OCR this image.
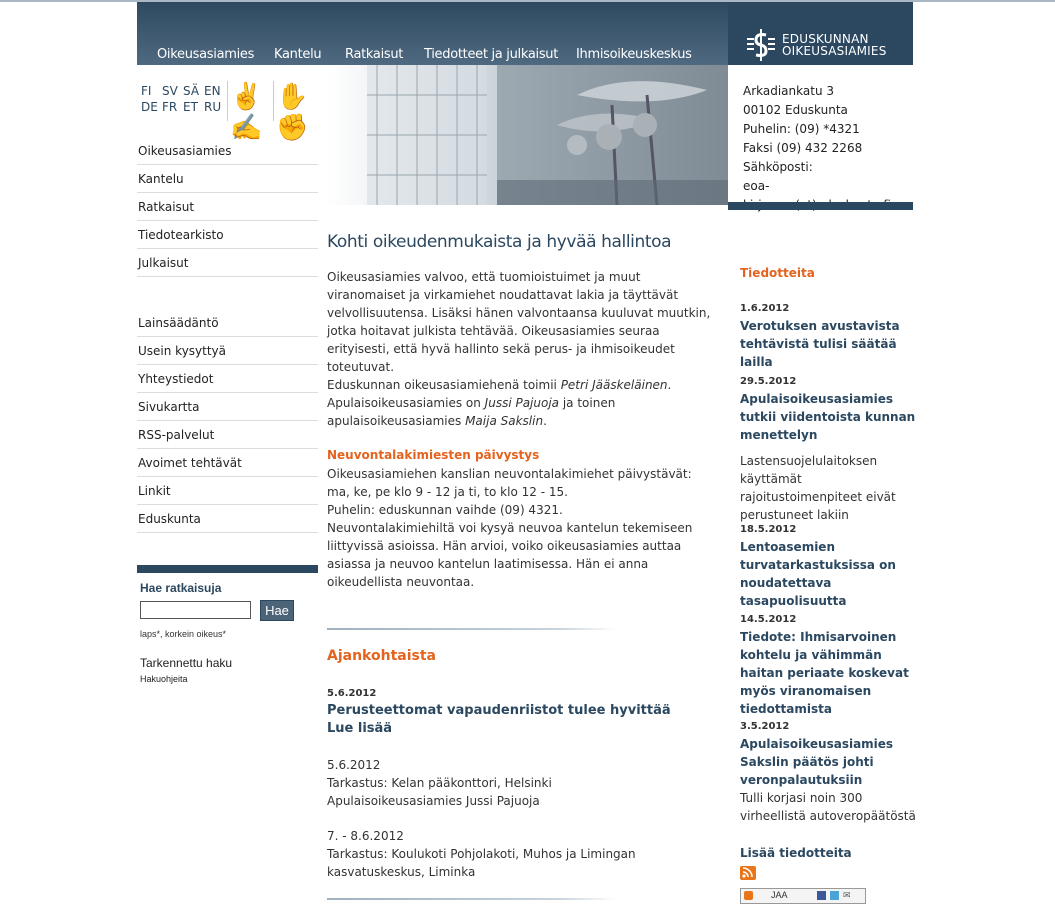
Oikeusasiamies Kantelu Ratkaisut Tiedotteet ja julkaisut Ihmisoikeuskeskus
EDUSKUNNAN
OIKEUSASIAMIES
FI SV SÄ EN
DE FR ET RU ✌✍
✋✊
Oikeusasiamies
Kantelu
Ratkaisut
Tiedotearkisto
Julkaisut
Lainsäädäntö
Usein kysyttyä
Yhteystiedot
Sivukartta
RSS-palvelut
Avoimet tehtävät
Linkit
Eduskunta
Hae ratkaisuja
Hae
laps*, korkein oikeus*
Tarkennettu haku
Hakuohjeita
Kohti oikeudenmukaista ja hyvää hallintoa

Oikeusasiamies valvoo, että tuomioistuimet ja muut viranomaiset ja virkamiehet noudattavat lakia ja täyttävät velvollisuutensa. Lisäksi hänen valvontaansa kuuluvat muutkin, jotka hoitavat julkista tehtävää. Oikeusasiamies seuraa erityisesti, että hyvä hallinto sekä perus- ja ihmisoikeudet toteutuvat.

Eduskunnan oikeusasiamiehenä toimii Petri Jääskeläinen. Apulaisoikeusasiamies on Jussi Pajuoja ja toinen apulaisoikeusasiamies Maija Sakslin.

Neuvontalakimiesten päivystys

Oikeusasiamiehen kanslian neuvontalakimiehet päivystävät:

ma, ke, pe klo 9 - 12 ja ti, to klo 12 - 15.

Puhelin: eduskunnan vaihde (09) 4321.

Neuvontalakimiehiltä voi kysyä neuvoa kantelun tekemiseen liittyvissä asioissa. Hän arvioi, voiko oikeusasiamies auttaa asiassa ja neuvoo kantelun laatimisessa. Hän ei anna oikeudellista neuvontaa.

Ajankohtaista
5.6.2012
Perusteettomat vapaudenriistot tulee hyvittää
Lue lisää

5.6.2012

Tarkastus: Kelan pääkonttori, Helsinki

Apulaisoikeusasiamies Jussi Pajuoja

7. - 8.6.2012

Tarkastus: Koulukoti Pohjolakoti, Muhos ja Limingan kasvatuskeskus, Liminka

Arkadiankatu 3
00102 Eduskunta
Puhelin: (09) *4321
Faksi (09) 432 2268
Sähköposti:
eoa-
Tiedotteita
1.6.2012
Verotuksen avustavista tehtävistä tulisi säätää lailla
29.5.2012
Apulaisoikeusasiamies tutkii viidentoista kunnan menettelyn
Lastensuojelulaitoksen käyttämät rajoitustoimenpiteet eivät perustuneet lakiin
18.5.2012
Lentoasemien turvatarkastuksissa on noudatettava tasapuolisuutta
14.5.2012
Tiedote: Ihmisarvoinen kohtelu ja vähimmän haitan periaate koskevat myös viranomaisen tiedottamista
3.5.2012
Apulaisoikeusasiamies Sakslin päätös johti veronpalautuksiin
Tulli korjasi noin 300 virheellistä autoveropäätöstä
Lisää tiedotteita
JAA	✉
